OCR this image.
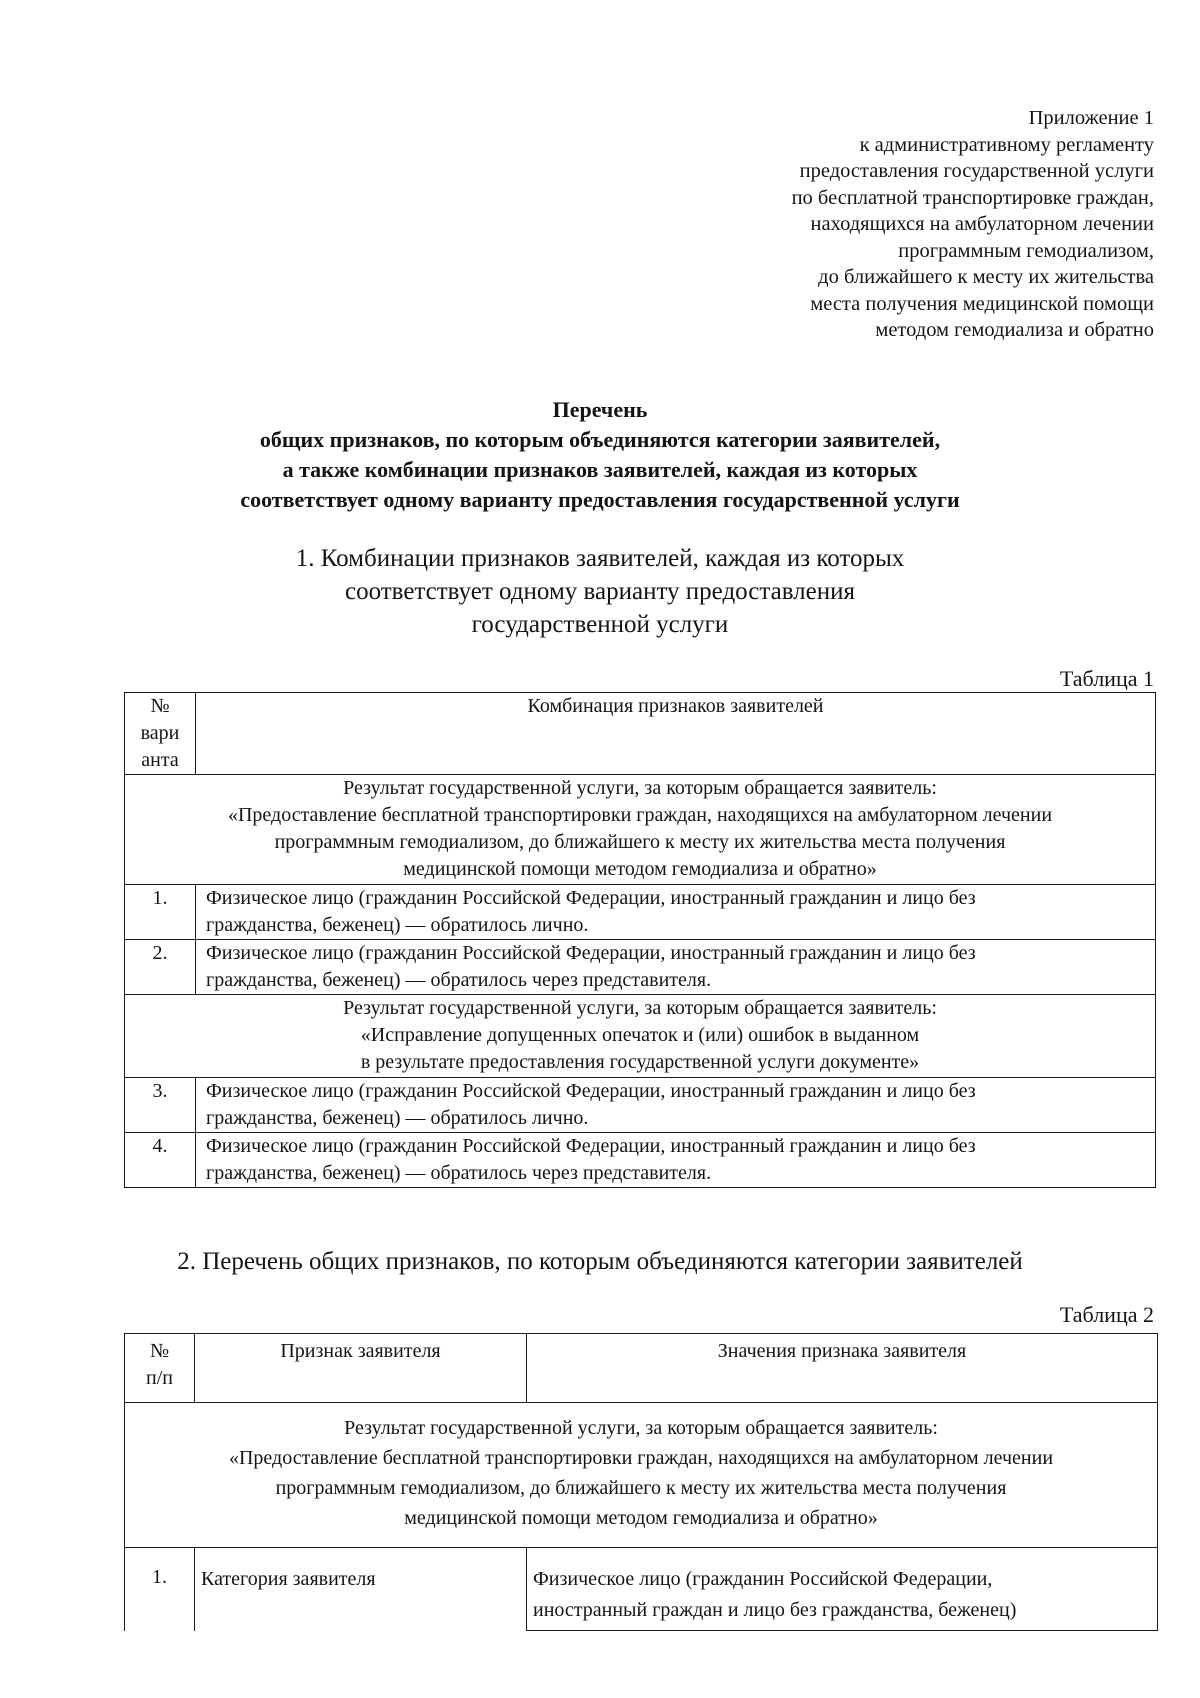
Приложение 1
к административному регламенту
предоставления государственной услуги
по бесплатной транспортировке граждан,
находящихся на амбулаторном лечении
программным гемодиализом,
до ближайшего к месту их жительства
места получения медицинской помощи
методом гемодиализа и обратно
Перечень
общих признаков, по которым объединяются категории заявителей,
а также комбинации признаков заявителей, каждая из которых
соответствует одному варианту предоставления государственной услуги
1. Комбинации признаков заявителей, каждая из которых
соответствует одному варианту предоставления
государственной услуги
Таблица 1
№
вари
анта	Комбинация признаков заявителей

Результат государственной услуги, за которым обращается заявитель:
«Предоставление бесплатной транспортировки граждан, находящихся на амбулаторном лечении
программным гемодиализом, до ближайшего к месту их жительства места получения
медицинской помощи методом гемодиализа и обратно»	

1.	Физическое лицо (гражданин Российской Федерации, иностранный гражданин и лицо без
гражданства, беженец) — обратилось лично.

2.	Физическое лицо (гражданин Российской Федерации, иностранный гражданин и лицо без
гражданства, беженец) — обратилось через представителя.

Результат государственной услуги, за которым обращается заявитель:
«Исправление допущенных опечаток и (или) ошибок в выданном
в результате предоставления государственной услуги документе»	

3.	Физическое лицо (гражданин Российской Федерации, иностранный гражданин и лицо без
гражданства, беженец) — обратилось лично.

4.	Физическое лицо (гражданин Российской Федерации, иностранный гражданин и лицо без
гражданства, беженец) — обратилось через представителя.
2. Перечень общих признаков, по которым объединяются категории заявителей
Таблица 2
№
п/п	Признак заявителя	Значения признака заявителя

Результат государственной услуги, за которым обращается заявитель:
«Предоставление бесплатной транспортировки граждан, находящихся на амбулаторном лечении
программным гемодиализом, до ближайшего к месту их жительства места получения
медицинской помощи методом гемодиализа и обратно»		

1.	Категория заявителя	Физическое лицо (гражданин Российской Федерации,
иностранный граждан и лицо без гражданства, беженец)
